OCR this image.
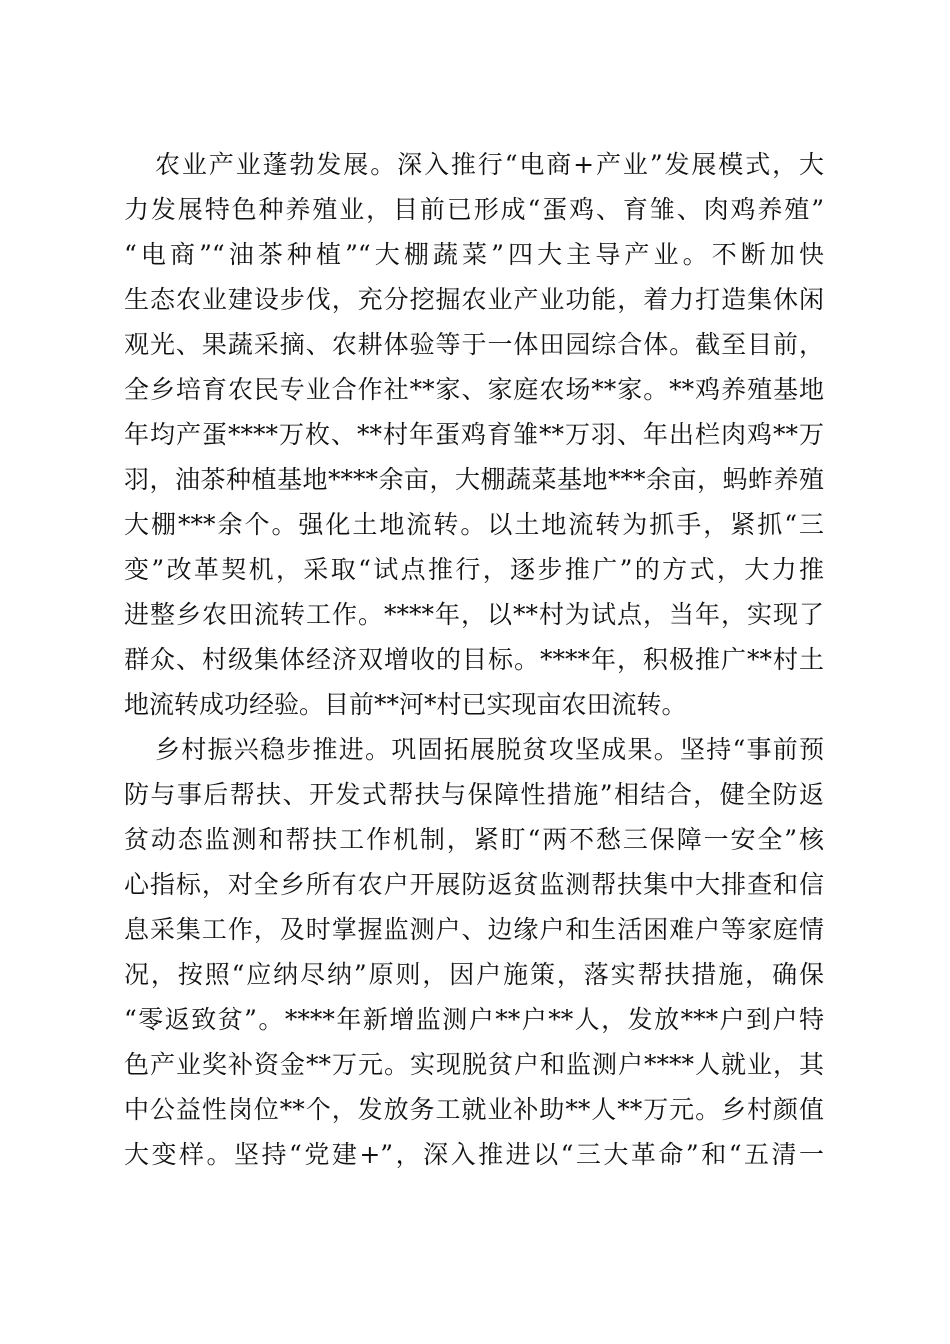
农业产业蓬勃发展。深入推行“电商+产业”发展模式，大
力发展特色种养殖业，目前已形成“蛋鸡、育雏、肉鸡养殖”
“电商”“油茶种植”“大棚蔬菜”四大主导产业。不断加快
生态农业建设步伐，充分挖掘农业产业功能，着力打造集休闲
观光、果蔬采摘、农耕体验等于一体田园综合体。截至目前，
全乡培育农民专业合作社**家、家庭农场**家。**鸡养殖基地
年均产蛋****万枚、**村年蛋鸡育雏**万羽、年出栏肉鸡**万
羽，油茶种植基地****余亩，大棚蔬菜基地***余亩，蚂蚱养殖
大棚***余个。强化土地流转。以土地流转为抓手，紧抓“三
变”改革契机，采取“试点推行，逐步推广”的方式，大力推
进整乡农田流转工作。****年，以**村为试点，当年，实现了
群众、村级集体经济双增收的目标。****年，积极推广**村土
地流转成功经验。目前**河*村已实现亩农田流转。
乡村振兴稳步推进。巩固拓展脱贫攻坚成果。坚持“事前预
防与事后帮扶、开发式帮扶与保障性措施”相结合，健全防返
贫动态监测和帮扶工作机制，紧盯“两不愁三保障一安全”核
心指标，对全乡所有农户开展防返贫监测帮扶集中大排查和信
息采集工作，及时掌握监测户、边缘户和生活困难户等家庭情
况，按照“应纳尽纳”原则，因户施策，落实帮扶措施，确保
“零返致贫”。****年新增监测户**户**人，发放***户到户特
色产业奖补资金**万元。实现脱贫户和监测户****人就业，其
中公益性岗位**个，发放务工就业补助**人**万元。乡村颜值
大变样。坚持“党建+”，深入推进以“三大革命”和“五清一
